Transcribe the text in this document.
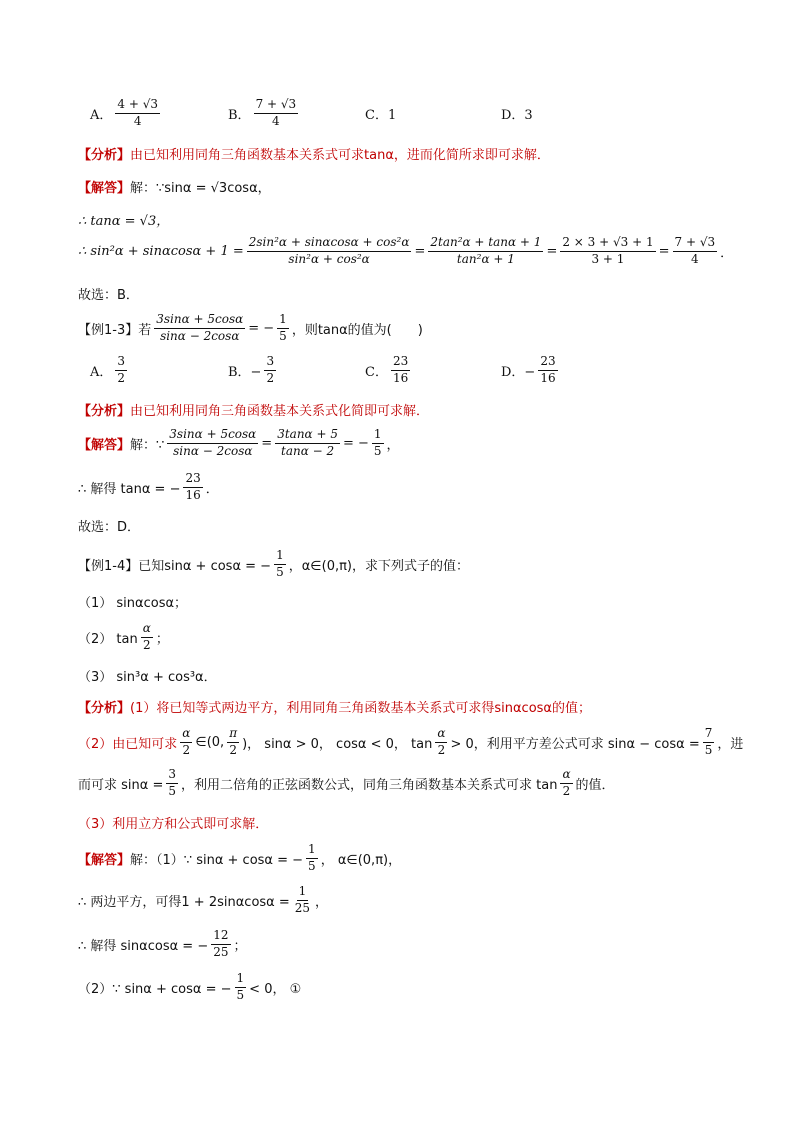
A． $\frac{4 + √3}{4}$	B． $\frac{7 + √3}{4}$	C．1	D．3
【分析】 由已知利用同角三角函数基本关系式可求tanα，进而化简所求即可求解．
【解答】 解：∵sinα = √3cosα，
∴ tanα = √3，
∴ $\sin^2\alpha + \sin\alpha\cos\alpha + 1 = \frac{\text{2sin²α + sinαcosα + cos²α}}{\text{sin²α + cos²α}} = \frac{\text{2tan²α + tanα + 1}}{\text{tan²α + 1}} = \frac{2 \times 3 + √3 + 1}{3 + 1} = \frac{7 + √3}{4}$ ．
故选：B．
【例1-3】 若 $\frac{3\sin\alpha + 5\cos\alpha}{\sin\alpha - 2\cos\alpha}$ = − $\frac{1}{5}$ ，则tanα的值为(　　)
A． $\frac{3}{2}$	B．− $\frac{3}{2}$	C． $\frac{23}{16}$	D．− $\frac{23}{16}$
【分析】 由已知利用同角三角函数基本关系式化简即可求解．
【解答】 解：∵ $\frac{3\sin\alpha + 5\cos\alpha}{\sin\alpha - 2\cos\alpha} = \frac{3\tan\alpha + 5}{\tan\alpha - 2}$ = − $\frac{1}{5}$ ，
∴ 解得 tanα = − $\frac{23}{16}$ ．
故选：D．
【例1-4】 已知sinα + cosα = − $\frac{1}{5}$ ，α∈(0,π)，求下列式子的值：
（1） sinαcosα；
（2） $\tan \frac{\alpha}{2}$ ；
（3） sin³α + cos³α．
【分析】 (1）将已知等式两边平方，利用同角三角函数基本关系式可求得sinαcosα的值；
（2）由已知可求 $\frac{\alpha}{2}$ ∈(0, $\frac{\pi}{2}$ )， sinα > 0， cosα < 0， $\tan \frac{\alpha}{2} > 0$，利用平方差公式可求 $\sin\alpha - \cos\alpha = \frac{7}{5}$ ，进
而可求 $\sin\alpha = \frac{3}{5}$ ，利用二倍角的正弦函数公式，同角三角函数基本关系式可求 $\tan \frac{\alpha}{2}$ 的值．
（3）利用立方和公式即可求解．
【解答】 解：（1）∵ sinα + cosα = − $\frac{1}{5}$ ， α∈(0,π)，
∴ 两边平方，可得$1 + 2\sin\alpha\cos\alpha = \frac{1}{25}$ ，
∴ 解得 sinαcosα = − $\frac{12}{25}$ ；
（2）∵ sinα + cosα = − $\frac{1}{5} < 0$， ①
